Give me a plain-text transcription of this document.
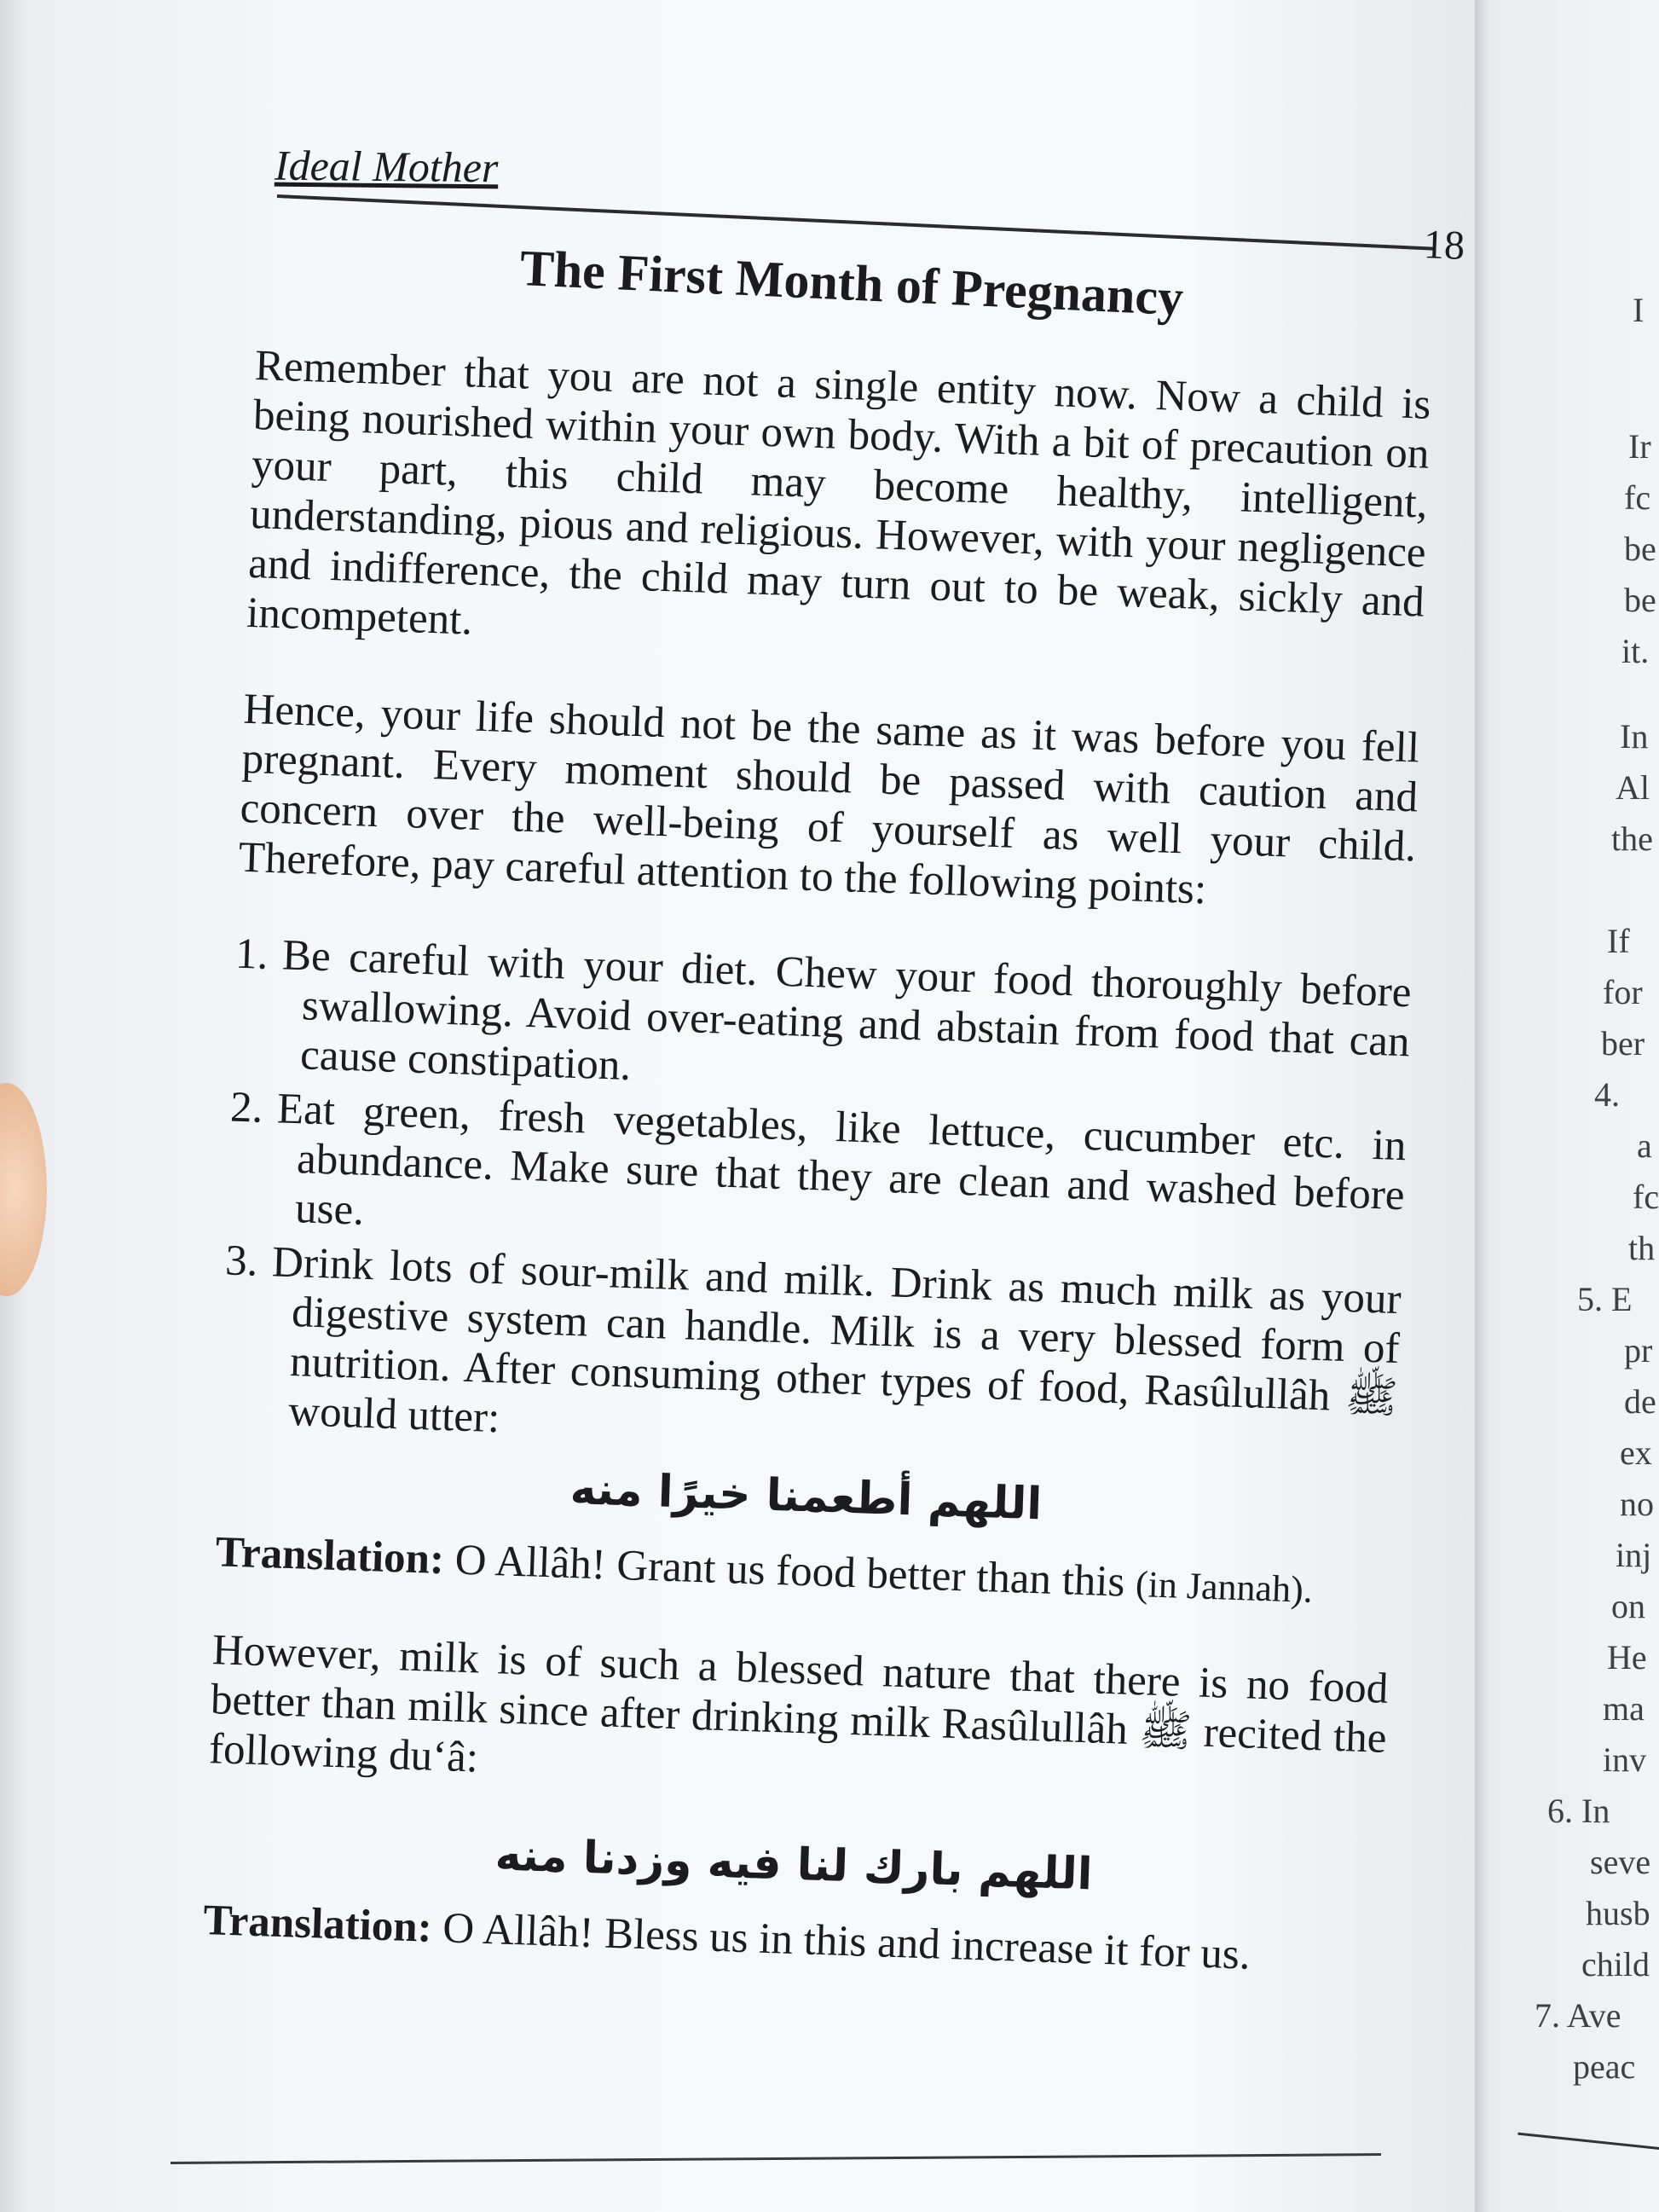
Ideal Mother
18
The First Month of Pregnancy

Remember that you are not a single entity now. Now a child is being nourished within your own body. With a bit of precaution on your part, this child may become healthy, intelligent, understanding, pious and religious. However, with your negligence and indifference, the child may turn out to be weak, sickly and incompetent.

Hence, your life should not be the same as it was before you fell pregnant. Every moment should be passed with caution and concern over the well-being of yourself as well your child. Therefore, pay careful attention to the following points:

1. Be careful with your diet. Chew your food thoroughly before swallowing. Avoid over-eating and abstain from food that can cause constipation.
2. Eat green, fresh vegetables, like lettuce, cucumber etc. in abundance. Make sure that they are clean and washed before use.
3. Drink lots of sour-milk and milk. Drink as much milk as your digestive system can handle. Milk is a very blessed form of nutrition. After consuming other types of food, Rasûlullâh ﷺ would utter:
اللهم أطعمنا خيرًا منه

Translation: O Allâh! Grant us food better than this (in Jannah).

However, milk is of such a blessed nature that there is no food better than milk since after drinking milk Rasûlullâh ﷺ recited the following du‘â:

اللهم بارك لنا فيه وزدنا منه

Translation: O Allâh! Bless us in this and increase it for us.

I
Ir
fc
be
be
it.
In
Al
the
If
for
ber
4.
a
fc
th
5. E
pr
de
ex
no
inj
on
He
ma
inv
6. In
seve
husb
child
7. Ave
peac
